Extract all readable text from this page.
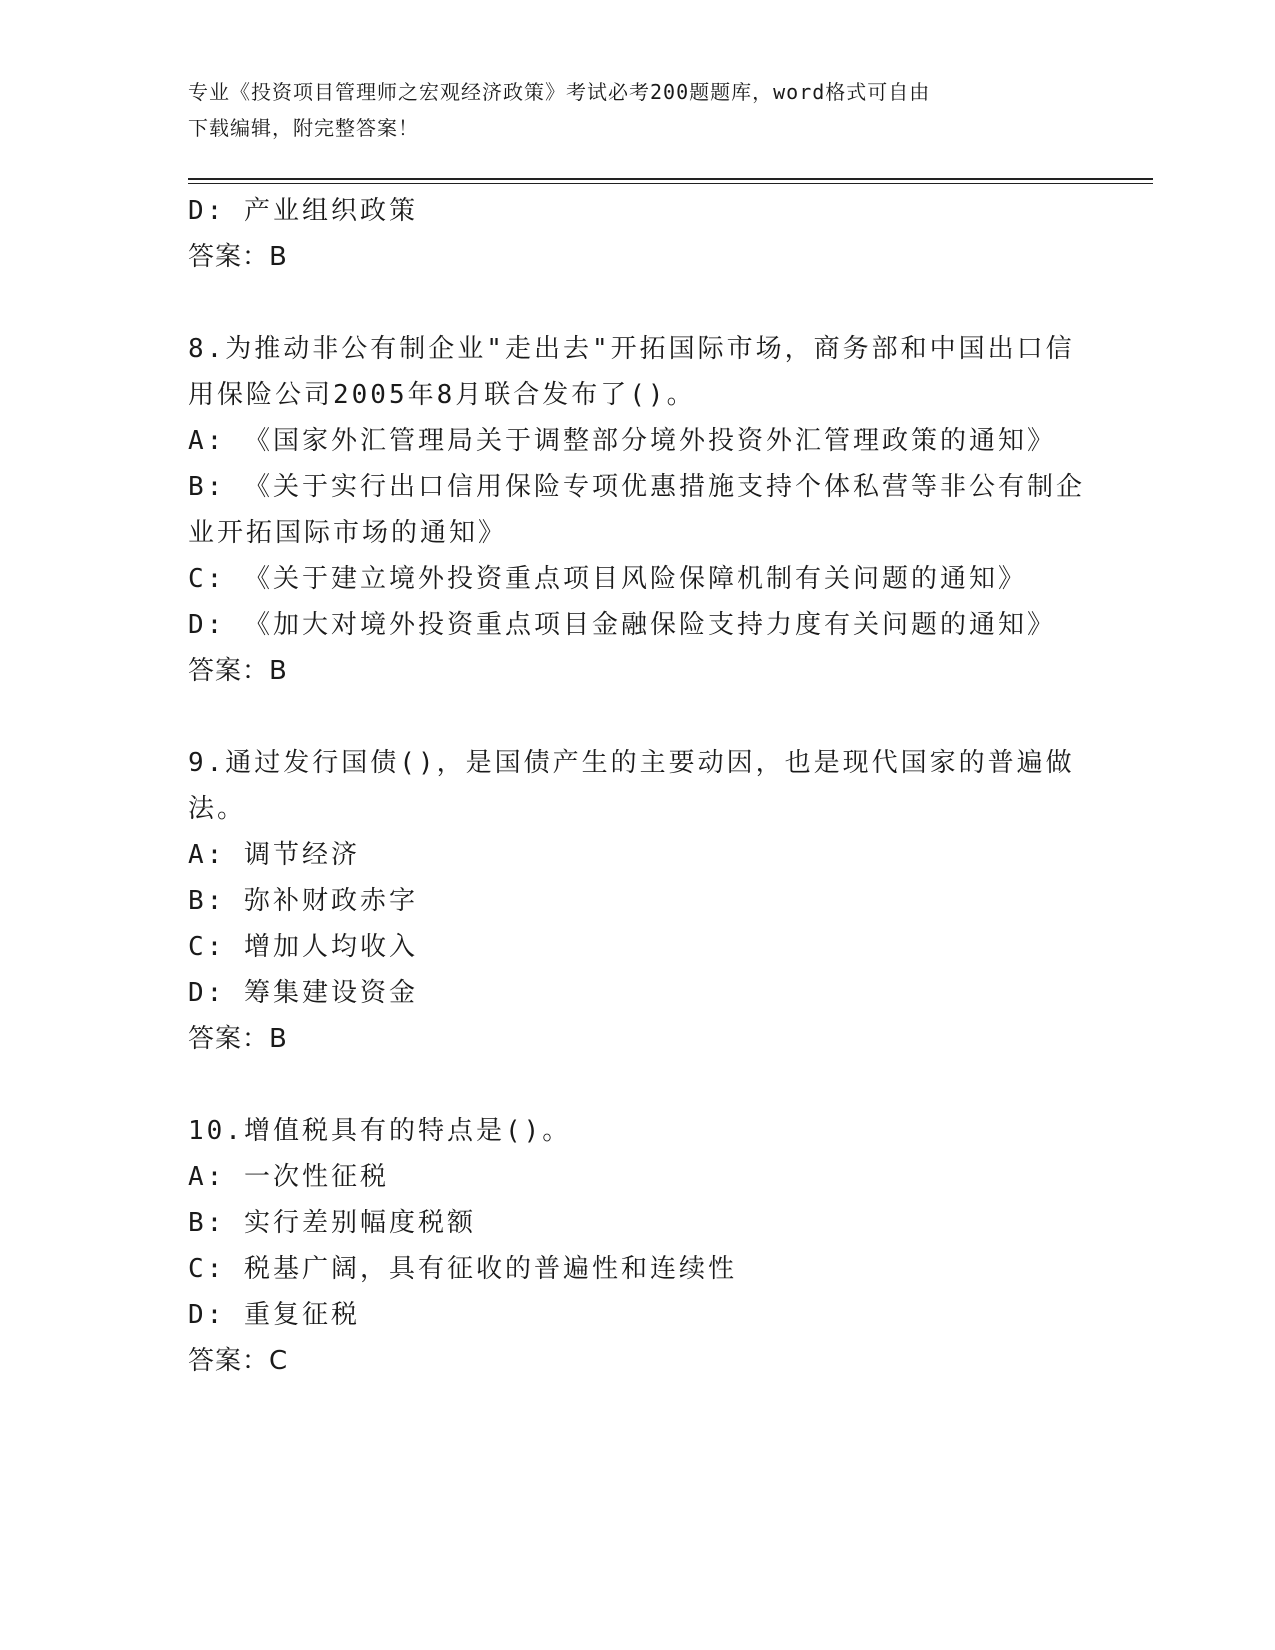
专业《投资项目管理师之宏观经济政策》考试必考200题题库，word格式可自由
下载编辑，附完整答案！
D: 产业组织政策
答案：B
8.为推动非公有制企业"走出去"开拓国际市场，商务部和中国出口信
用保险公司2005年8月联合发布了()。
A: 《国家外汇管理局关于调整部分境外投资外汇管理政策的通知》
B: 《关于实行出口信用保险专项优惠措施支持个体私营等非公有制企
业开拓国际市场的通知》
C: 《关于建立境外投资重点项目风险保障机制有关问题的通知》
D: 《加大对境外投资重点项目金融保险支持力度有关问题的通知》
答案：B
9.通过发行国债()，是国债产生的主要动因，也是现代国家的普遍做
法。
A: 调节经济
B: 弥补财政赤字
C: 增加人均收入
D: 筹集建设资金
答案：B
10.增值税具有的特点是()。
A: 一次性征税
B: 实行差别幅度税额
C: 税基广阔，具有征收的普遍性和连续性
D: 重复征税
答案：C
